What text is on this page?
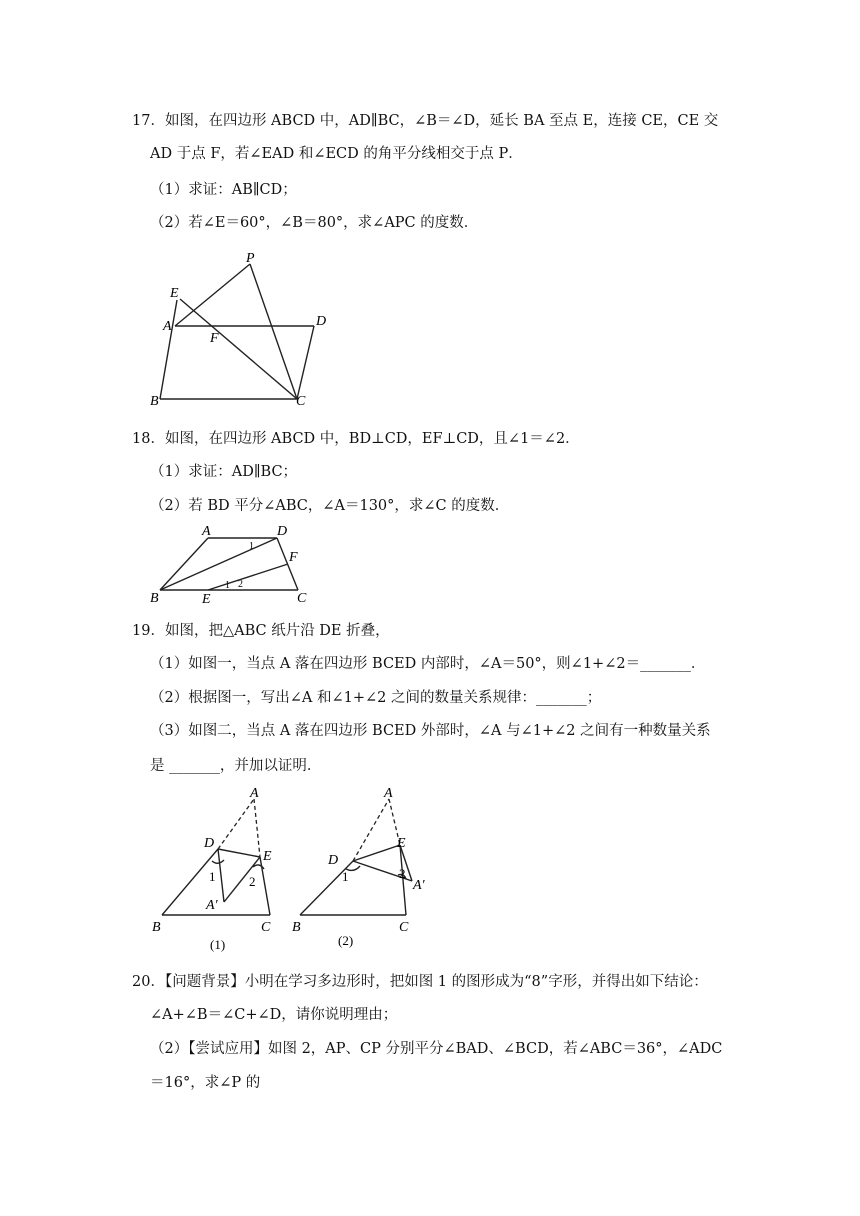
17．如图，在四边形 ABCD 中，AD∥BC，∠B＝∠D，延长 BA 至点 E，连接 CE，CE 交
AD 于点 F，若∠EAD 和∠ECD 的角平分线相交于点 P．
（1）求证：AB∥CD；
（2）若∠E＝60°，∠B＝80°，求∠APC 的度数．
P
E
A
F
D
B	C
18．如图，在四边形 ABCD 中，BD⊥CD，EF⊥CD，且∠1＝∠2．
（1）求证：AD∥BC；
（2）若 BD 平分∠ABC，∠A＝130°，求∠C 的度数．
A	D
F
B	E	C
1
1 2
19．如图，把△ABC 纸片沿 DE 折叠，
（1）如图一，当点 A 落在四边形 BCED 内部时，∠A＝50°，则∠1+∠2＝_______．
（2）根据图一，写出∠A 和∠1+∠2 之间的数量关系规律：_______；
（3）如图二，当点 A 落在四边形 BCED 外部时，∠A 与∠1+∠2 之间有一种数量关系
是 _______，并加以证明．
A
D
E
1	2
A′
B	C
(1)
A
D
E
1	2
A′
B	C
(2)
20．【问题背景】小明在学习多边形时，把如图 1 的图形成为“8”字形，并得出如下结论：
∠A+∠B＝∠C+∠D，请你说明理由；
（2）【尝试应用】如图 2，AP、CP 分别平分∠BAD、∠BCD，若∠ABC＝36°，∠ADC
＝16°，求∠P 的
